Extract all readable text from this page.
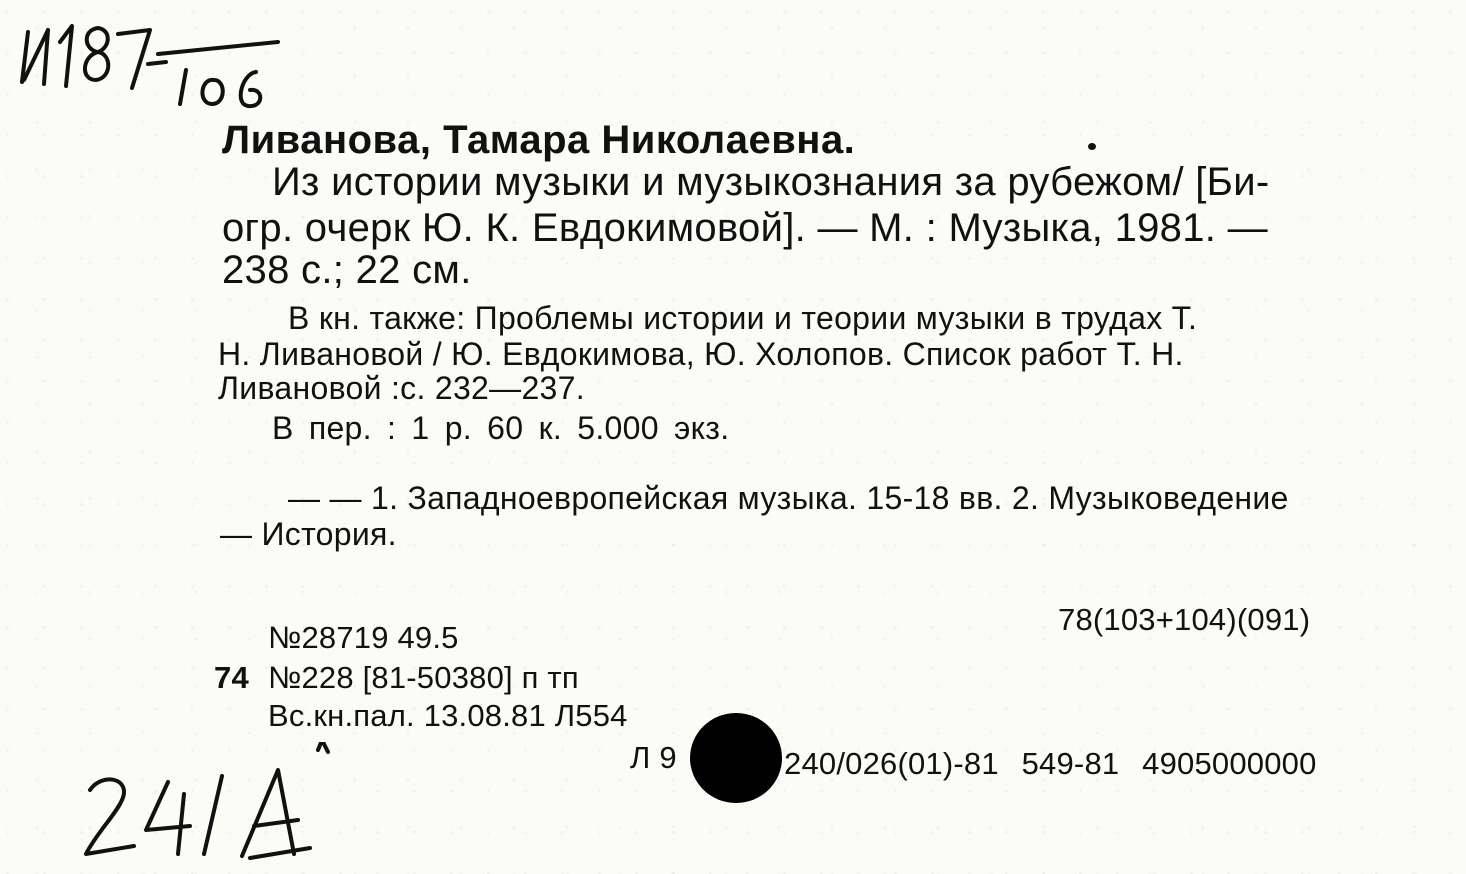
Ливанова, Тамара Николаевна.
Из истории музыки и музыкознания за рубежом/ [Би-
огр. очерк Ю. К. Евдокимовой]. — М. : Музыка, 1981. —
238 с.; 22 см.
В кн. также: Проблемы истории и теории музыки в трудах Т.
Н. Ливановой / Ю. Евдокимова, Ю. Холопов. Список работ Т. Н.
Ливановой :с. 232—237.
В пер. : 1 р. 60 к. 5.000 экз.
— — 1. Западноевропейская музыка. 15-18 вв. 2. Музыковедение
— История.
78(103+104)(091)
№28719 49.5
74 №228 [81-50380] п тп
Вс.кн.пал. 13.08.81 Л554
Л 9	240/026(01)-81 549-81 4905000000
